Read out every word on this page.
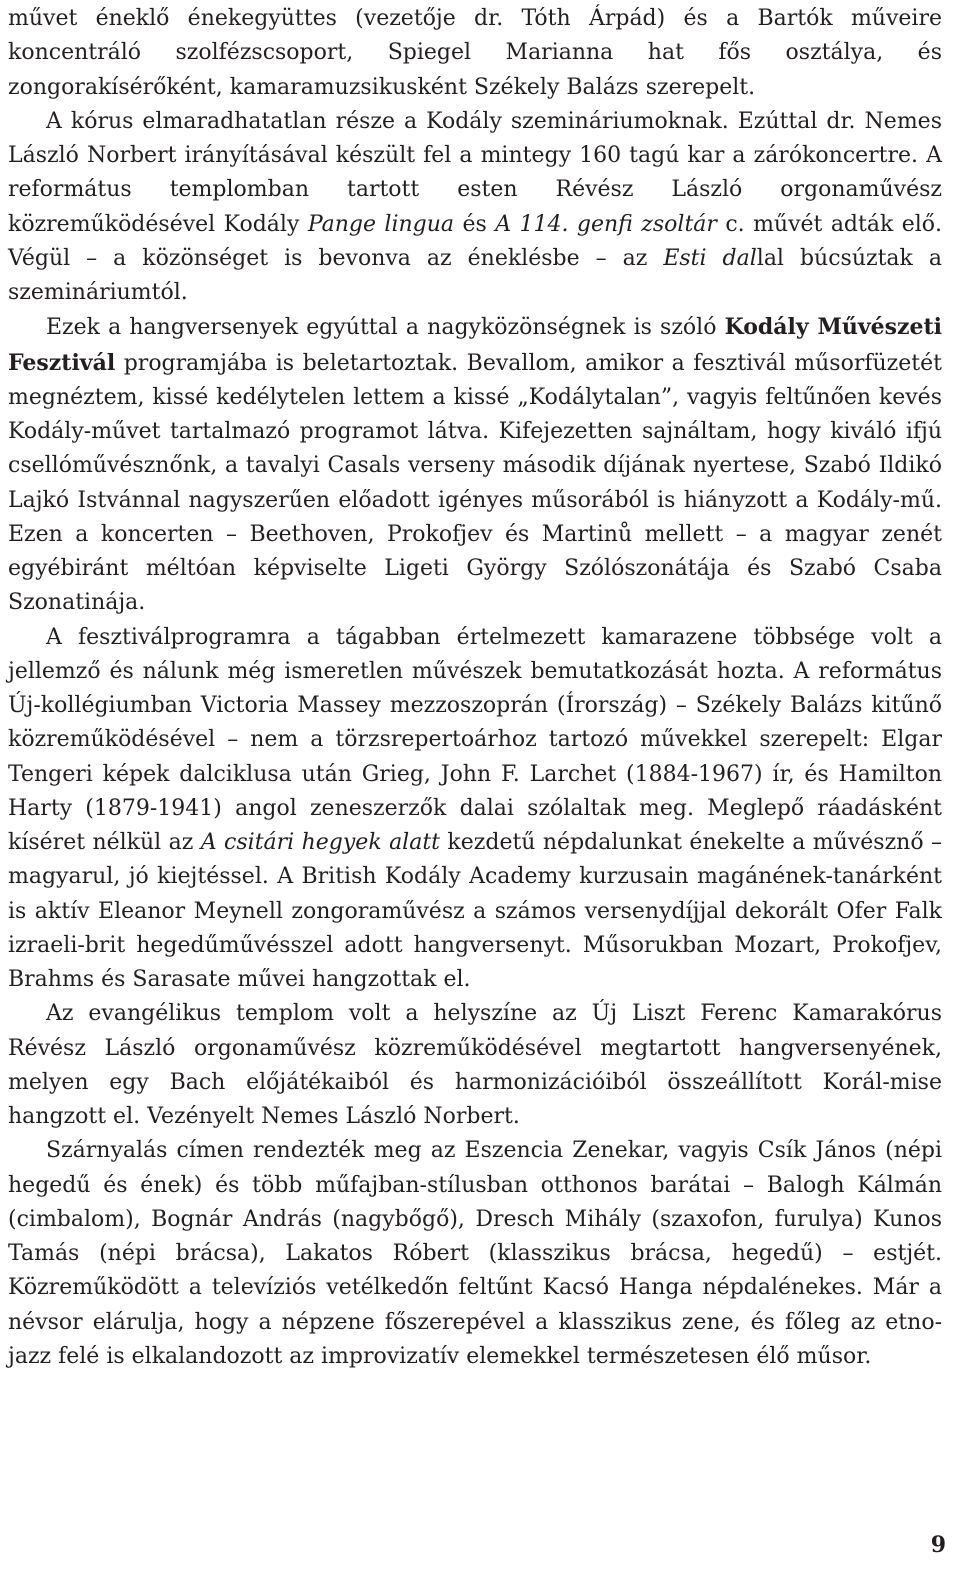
művet éneklő énekegyüttes (vezetője dr. Tóth Árpád) és a Bartók műveire koncentráló szolfézscsoport, Spiegel Marianna hat fős osztálya, és zongorakísérőként, kamaramuzsikusként Székely Balázs szerepelt.

A kórus elmaradhatatlan része a Kodály szemináriumoknak. Ezúttal dr. Nemes László Norbert irányításával készült fel a mintegy 160 tagú kar a zárókoncertre. A református templomban tartott esten Révész László orgonaművész közreműködésével Kodály Pange lingua és A 114. genfi zsoltár c. művét adták elő. Végül – a közönséget is bevonva az éneklésbe – az Esti dallal búcsúztak a szemináriumtól.

Ezek a hangversenyek egyúttal a nagyközönségnek is szóló Kodály Művészeti Fesztivál programjába is beletartoztak. Bevallom, amikor a fesztivál műsorfüzetét megnéztem, kissé kedélytelen lettem a kissé „Kodálytalan”, vagyis feltűnően kevés Kodály-művet tartalmazó programot látva. Kifejezetten sajnáltam, hogy kiváló ifjú csellóművésznőnk, a tavalyi Casals verseny második díjának nyertese, Szabó Ildikó Lajkó Istvánnal nagyszerűen előadott igényes műsorából is hiányzott a Kodály-mű. Ezen a koncerten – Beethoven, Prokofjev és Martinů mellett – a magyar zenét egyébiránt méltóan képviselte Ligeti György Szólószonátája és Szabó Csaba Szonatinája.

A fesztiválprogramra a tágabban értelmezett kamarazene többsége volt a jellemző és nálunk még ismeretlen művészek bemutatkozását hozta. A református Új-kollégiumban Victoria Massey mezzoszoprán (Írország) – Székely Balázs kitűnő közreműködésével – nem a törzsrepertoárhoz tartozó művekkel szerepelt: Elgar Tengeri képek dalciklusa után Grieg, John F. Larchet (1884-1967) ír, és Hamilton Harty (1879-1941) angol zeneszerzők dalai szólaltak meg. Meglepő ráadásként kíséret nélkül az A csitári hegyek alatt kezdetű népdalunkat énekelte a művésznő – magyarul, jó kiejtéssel. A British Kodály Academy kurzusain magánének-tanárként is aktív Eleanor Meynell zongoraművész a számos versenydíjjal dekorált Ofer Falk izraeli-brit hegedűművésszel adott hangversenyt. Műsorukban Mozart, Prokofjev, Brahms és Sarasate művei hangzottak el.

Az evangélikus templom volt a helyszíne az Új Liszt Ferenc Kamarakórus Révész László orgonaművész közreműködésével megtartott hangversenyének, melyen egy Bach előjátékaiból és harmonizációiból összeállított Korál-mise hangzott el. Vezényelt Nemes László Norbert.

Szárnyalás címen rendezték meg az Eszencia Zenekar, vagyis Csík János (népi hegedű és ének) és több műfajban-stílusban otthonos barátai – Balogh Kálmán (cimbalom), Bognár András (nagybőgő), Dresch Mihály (szaxofon, furulya) Kunos Tamás (népi brácsa), Lakatos Róbert (klasszikus brácsa, hegedű) – estjét. Közreműködött a televíziós vetélkedőn feltűnt Kacsó Hanga népdalénekes. Már a névsor elárulja, hogy a népzene főszerepével a klasszikus zene, és főleg az etno-jazz felé is elkalandozott az improvizatív elemekkel természetesen élő műsor.

9
